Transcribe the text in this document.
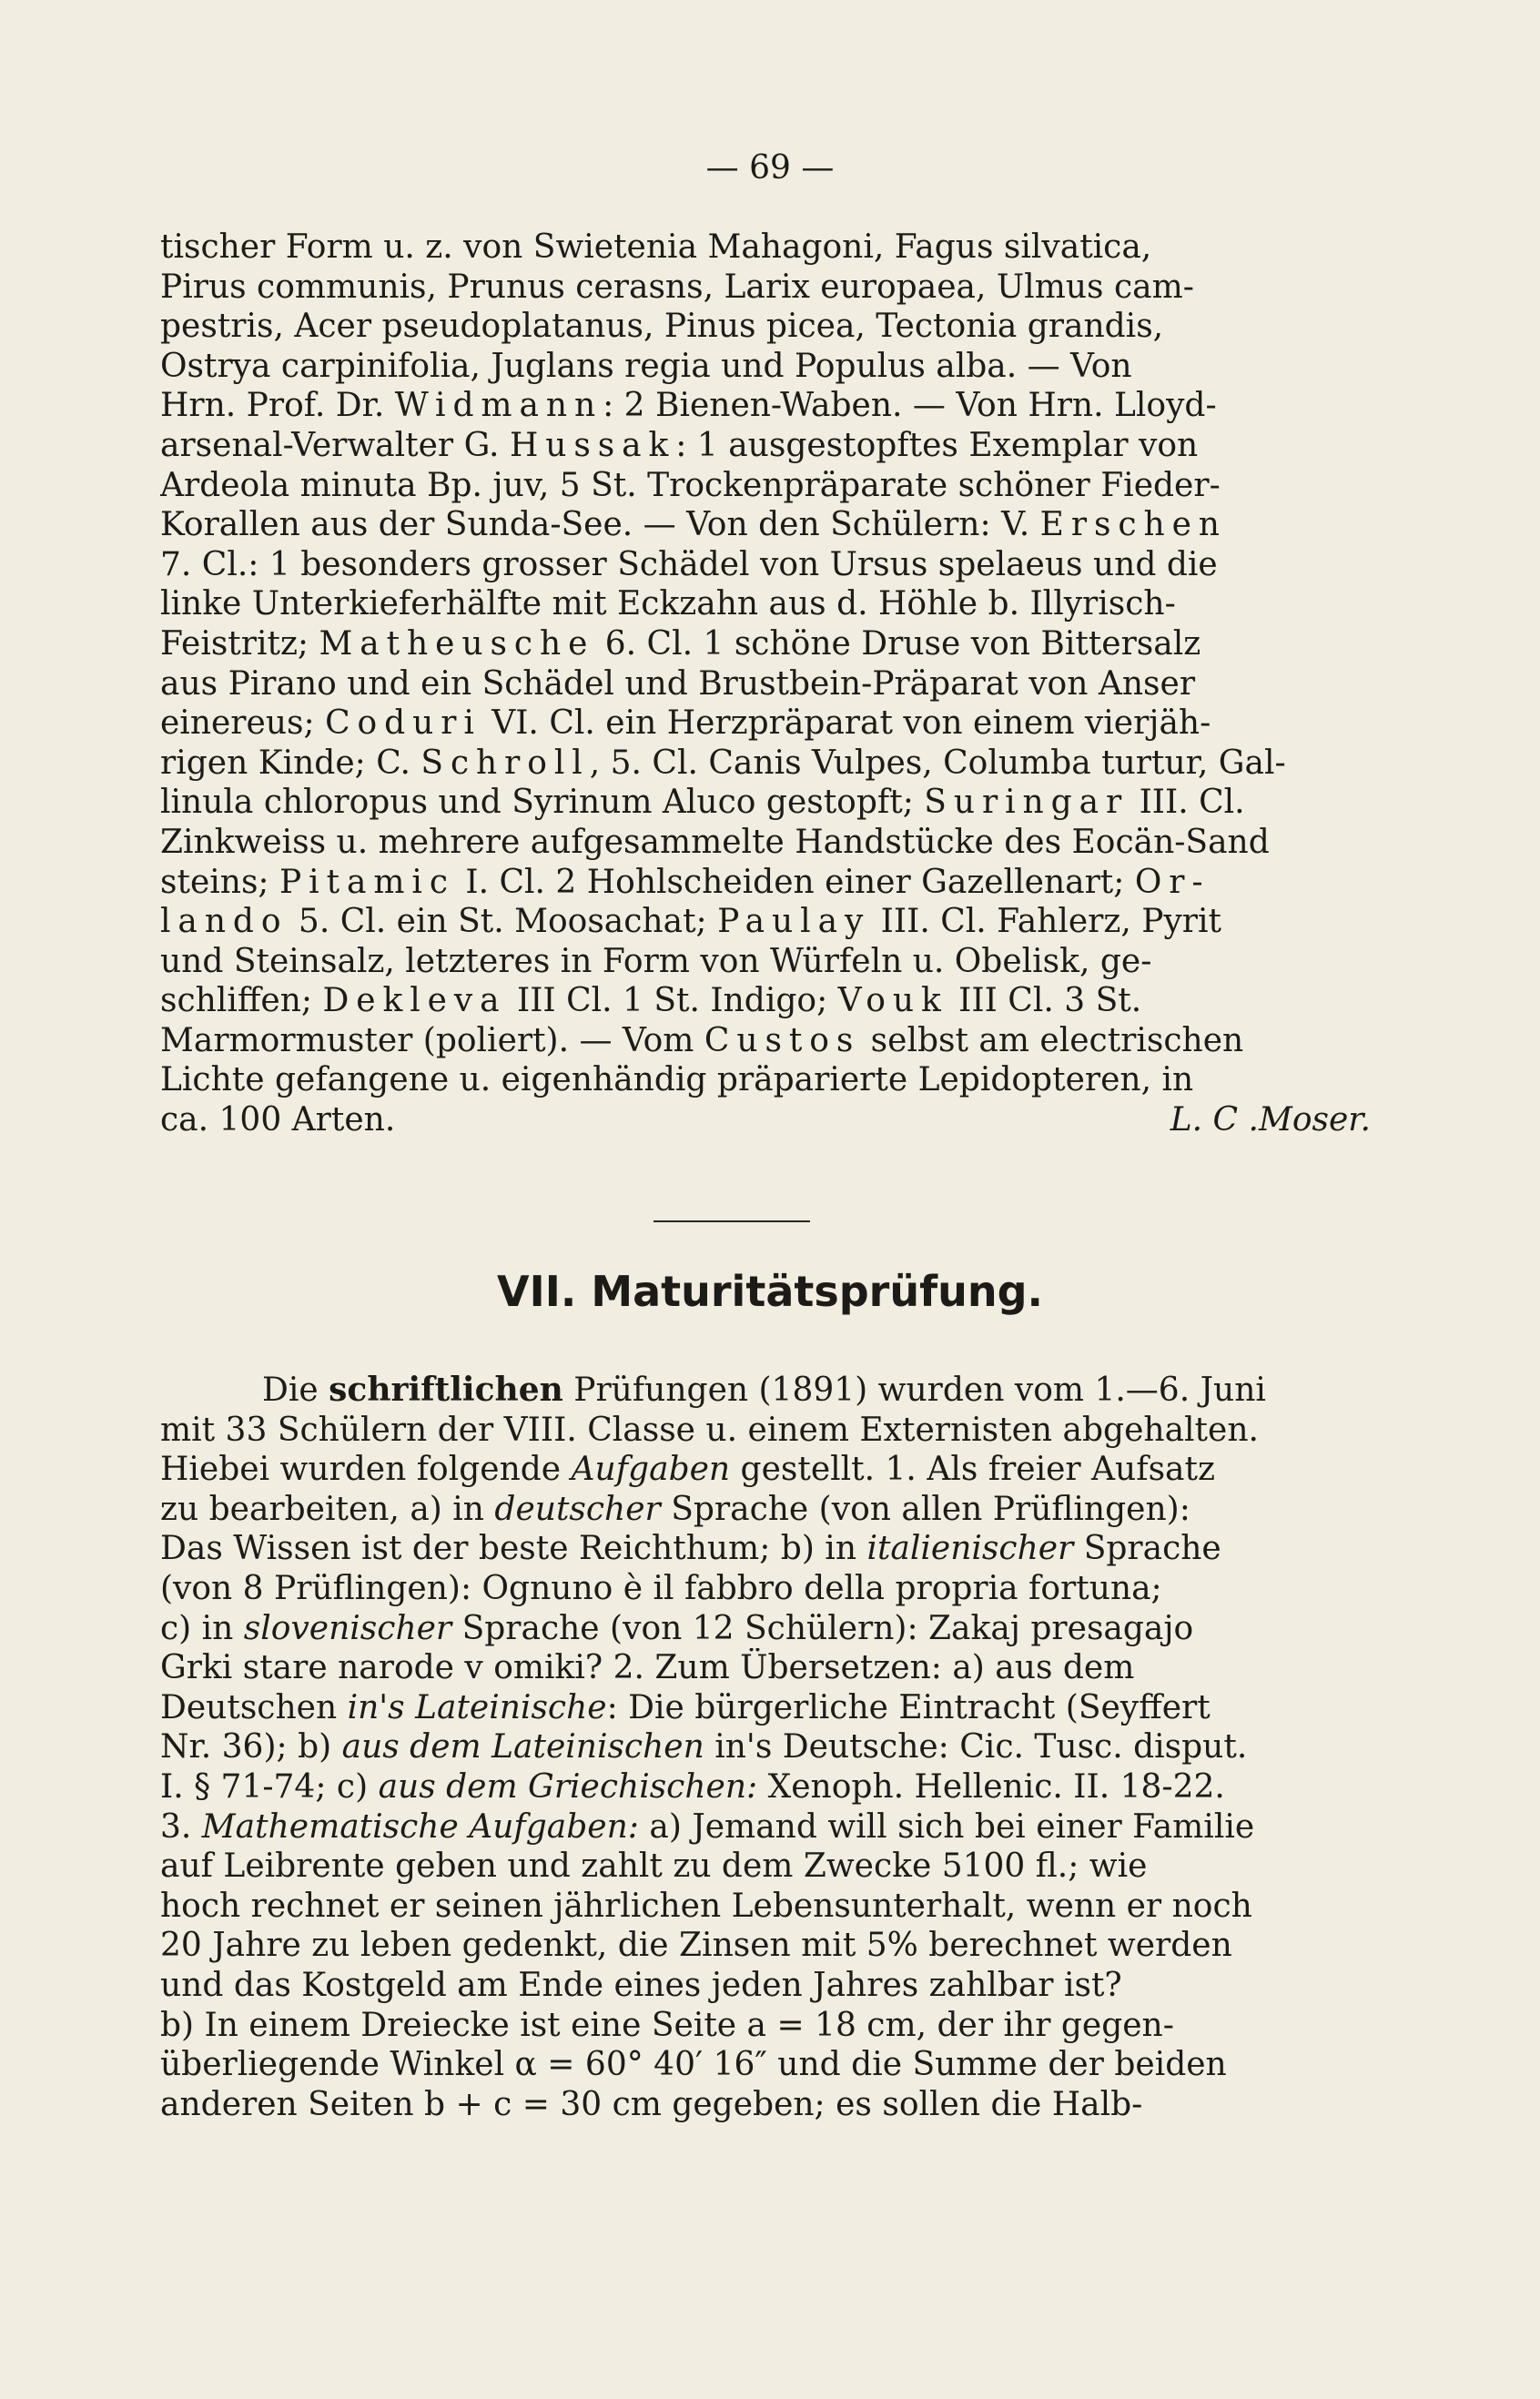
— 69 —
tischer Form u. z. von Swietenia Mahagoni, Fagus silvatica,
Pirus communis, Prunus cerasns, Larix europaea, Ulmus cam-
pestris, Acer pseudoplatanus, Pinus picea, Tectonia grandis,
Ostrya carpinifolia, Juglans regia und Populus alba. — Von
Hrn. Prof. Dr. Widmann: 2 Bienen-Waben. — Von Hrn. Lloyd-
arsenal-Verwalter G. Hussak: 1 ausgestopftes Exemplar von
Ardeola minuta Bp. juv, 5 St. Trockenpräparate schöner Fieder-
Korallen aus der Sunda-See. — Von den Schülern: V. Erschen
7. Cl.: 1 besonders grosser Schädel von Ursus spelaeus und die
linke Unterkieferhälfte mit Eckzahn aus d. Höhle b. Illyrisch-
Feistritz; Matheusche 6. Cl. 1 schöne Druse von Bittersalz
aus Pirano und ein Schädel und Brustbein-Präparat von Anser
einereus; Coduri VI. Cl. ein Herzpräparat von einem vierjäh-
rigen Kinde; C. Schroll, 5. Cl. Canis Vulpes, Columba turtur, Gal-
linula chloropus und Syrinum Aluco gestopft; Suringar III. Cl.
Zinkweiss u. mehrere aufgesammelte Handstücke des Eocän-Sand
steins; Pitamic I. Cl. 2 Hohlscheiden einer Gazellenart; Or-
lando 5. Cl. ein St. Moosachat; Paulay III. Cl. Fahlerz, Pyrit
und Steinsalz, letzteres in Form von Würfeln u. Obelisk, ge-
schliffen; Dekleva III Cl. 1 St. Indigo; Vouk III Cl. 3 St.
Marmormuster (poliert). — Vom Custos selbst am electrischen
Lichte gefangene u. eigenhändig präparierte Lepidopteren, in
ca. 100 Arten.	L. C .Moser.
VII. Maturitätsprüfung.
Die schriftlichen Prüfungen (1891) wurden vom 1.—6. Juni
mit 33 Schülern der VIII. Classe u. einem Externisten abgehalten.
Hiebei wurden folgende Aufgaben gestellt. 1. Als freier Aufsatz
zu bearbeiten, a) in deutscher Sprache (von allen Prüflingen):
Das Wissen ist der beste Reichthum; b) in italienischer Sprache
(von 8 Prüflingen): Ognuno è il fabbro della propria fortuna;
c) in slovenischer Sprache (von 12 Schülern): Zakaj presagajo
Grki stare narode v omiki? 2. Zum Übersetzen: a) aus dem
Deutschen in's Lateinische: Die bürgerliche Eintracht (Seyffert
Nr. 36); b) aus dem Lateinischen in's Deutsche: Cic. Tusc. disput.
I. § 71-74; c) aus dem Griechischen: Xenoph. Hellenic. II. 18-22.
3. Mathematische Aufgaben: a) Jemand will sich bei einer Familie
auf Leibrente geben und zahlt zu dem Zwecke 5100 fl.; wie
hoch rechnet er seinen jährlichen Lebensunterhalt, wenn er noch
20 Jahre zu leben gedenkt, die Zinsen mit 5% berechnet werden
und das Kostgeld am Ende eines jeden Jahres zahlbar ist?
b) In einem Dreiecke ist eine Seite a = 18 cm, der ihr gegen-
überliegende Winkel α = 60° 40′ 16″ und die Summe der beiden
anderen Seiten b + c = 30 cm gegeben; es sollen die Halb-
